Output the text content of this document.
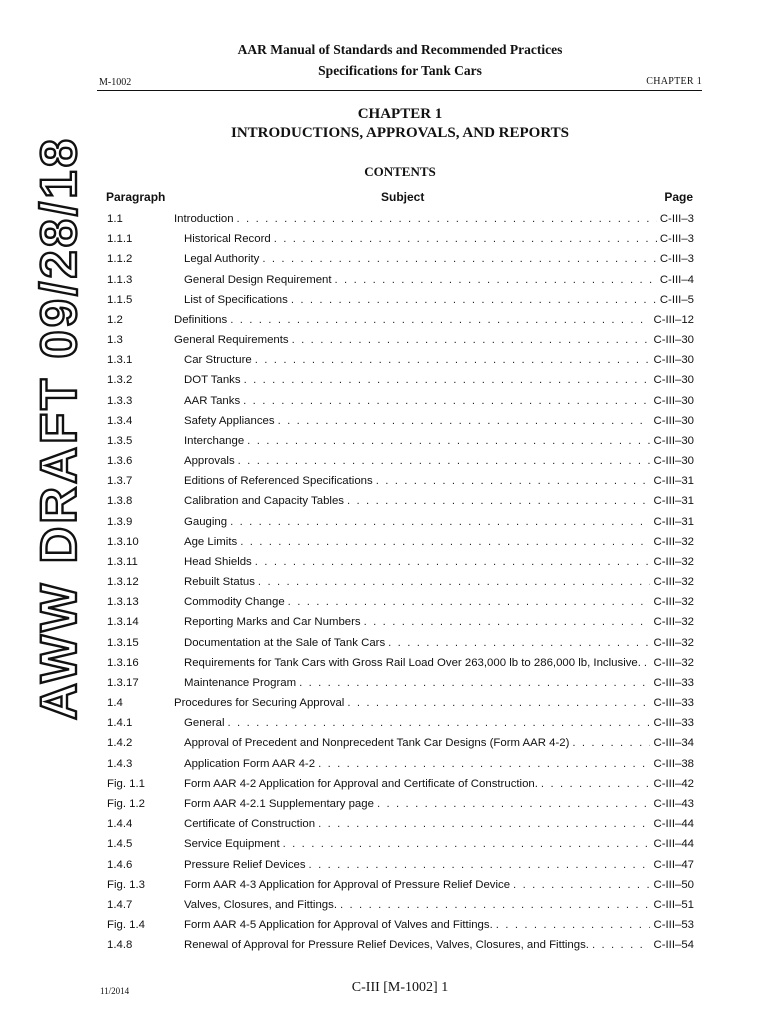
AAR Manual of Standards and Recommended Practices
Specifications for Tank Cars
M-1002	CHAPTER 1
CHAPTER 1
INTRODUCTIONS, APPROVALS, AND REPORTS
CONTENTS
Paragraph	Subject	Page
1.1	Introduction . . .	C-III–3
1.1.1	Historical Record . . .	C-III–3
1.1.2	Legal Authority . . .	C-III–3
1.1.3	General Design Requirement . . .	C-III–4
1.1.5	List of Specifications . . .	C-III–5
1.2	Definitions . . .	C-III–12
1.3	General Requirements . . .	C-III–30
1.3.1	Car Structure . . .	C-III–30
1.3.2	DOT Tanks . . .	C-III–30
1.3.3	AAR Tanks . . .	C-III–30
1.3.4	Safety Appliances . . .	C-III–30
1.3.5	Interchange . . .	C-III–30
1.3.6	Approvals . . .	C-III–30
1.3.7	Editions of Referenced Specifications . . .	C-III–31
1.3.8	Calibration and Capacity Tables . . .	C-III–31
1.3.9	Gauging . . .	C-III–31
1.3.10	Age Limits . . .	C-III–32
1.3.11	Head Shields . . .	C-III–32
1.3.12	Rebuilt Status . . .	C-III–32
1.3.13	Commodity Change . . .	C-III–32
1.3.14	Reporting Marks and Car Numbers . . .	C-III–32
1.3.15	Documentation at the Sale of Tank Cars . . .	C-III–32
1.3.16	Requirements for Tank Cars with Gross Rail Load Over 263,000 lb to 286,000 lb, Inclusive. . . . C-III–32
1.3.17	Maintenance Program . . .	C-III–33
1.4	Procedures for Securing Approval . . .	C-III–33
1.4.1	General . . .	C-III–33
1.4.2	Approval of Precedent and Nonprecedent Tank Car Designs (Form AAR 4-2) . . .	C-III–34
1.4.3	Application Form AAR 4-2 . . .	C-III–38
Fig. 1.1	Form AAR 4-2 Application for Approval and Certificate of Construction. . . .	C-III–42
Fig. 1.2	Form AAR 4-2.1 Supplementary page . . .	C-III–43
1.4.4	Certificate of Construction . . .	C-III–44
1.4.5	Service Equipment . . .	C-III–44
1.4.6	Pressure Relief Devices . . .	C-III–47
Fig. 1.3	Form AAR 4-3 Application for Approval of Pressure Relief Device . . .	C-III–50
1.4.7	Valves, Closures, and Fittings. . . .	C-III–51
Fig. 1.4	Form AAR 4-5 Application for Approval of Valves and Fittings. . . .	C-III–53
1.4.8	Renewal of Approval for Pressure Relief Devices, Valves, Closures, and Fittings. . . .	C-III–54
AWW DRAFT 09/28/18
11/2014	C-III [M-1002] 1
